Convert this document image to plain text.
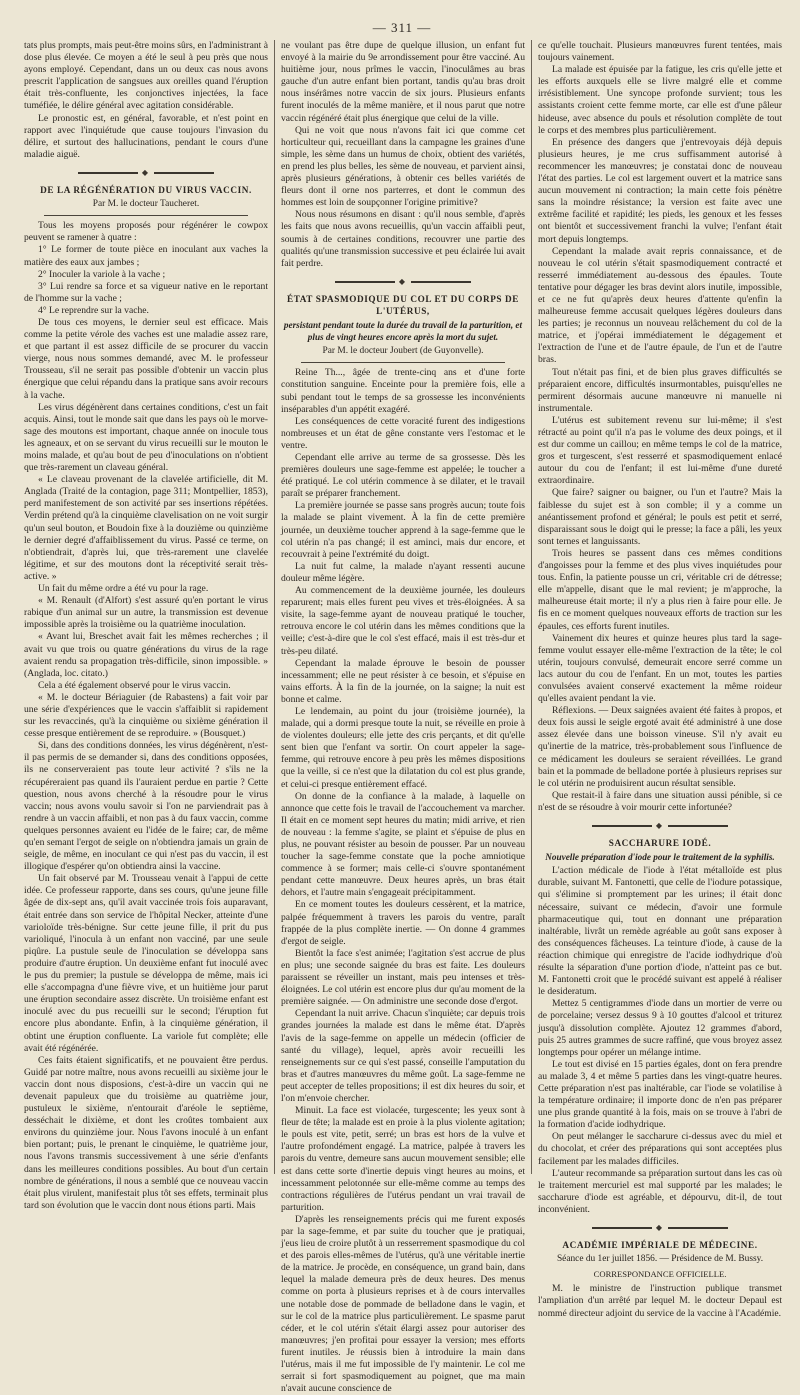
— 311 —

tats plus prompts, mais peut-être moins sûrs, en l'administrant à dose plus élevée. Ce moyen a été le seul à peu près que nous ayons employé. Cependant, dans un ou deux cas nous avons prescrit l'application de sangsues aux oreilles quand l'éruption était très-confluente, les conjonctives injectées, la face tuméfiée, le délire général avec agitation considérable.

Le pronostic est, en général, favorable, et n'est point en rapport avec l'inquiétude que cause toujours l'invasion du délire, et surtout des hallucinations, pendant le cours d'une maladie aiguë.

◆
DE LA RÉGÉNÉRATION DU VIRUS VACCIN.
Par M. le docteur Taucheret.

Tous les moyens proposés pour régénérer le cowpox peuvent se ramener à quatre :

1° Le former de toute pièce en inoculant aux vaches la matière des eaux aux jambes ;

2° Inoculer la variole à la vache ;

3° Lui rendre sa force et sa vigueur native en le reportant de l'homme sur la vache ;

4° Le reprendre sur la vache.

De tous ces moyens, le dernier seul est efficace. Mais comme la petite vérole des vaches est une maladie assez rare, et que partant il est assez difficile de se procurer du vaccin vierge, nous nous sommes demandé, avec M. le professeur Trousseau, s'il ne serait pas possible d'obtenir un vaccin plus énergique que celui répandu dans la pratique sans avoir recours à la vache.

Les virus dégénèrent dans certaines conditions, c'est un fait acquis. Ainsi, tout le monde sait que dans les pays où le morve-sage des moutons est important, chaque année on inocule tous les agneaux, et on se servant du virus recueilli sur le mouton le moins malade, et qu'au bout de peu d'inoculations on n'obtient que très-rarement un claveau général.

« Le claveau provenant de la clavelée artificielle, dit M. Anglada (Traité de la contagion, page 311; Montpellier, 1853), perd manifestement de son activité par ses insertions répétées. Verdin prétend qu'à la cinquième clavelisation on ne voit surgir qu'un seul bouton, et Boudoin fixe à la douzième ou quinzième le dernier degré d'affaiblissement du virus. Passé ce terme, on n'obtiendrait, d'après lui, que très-rarement une clavelée légitime, et sur des moutons dont la réceptivité serait très-active. »

Un fait du même ordre a été vu pour la rage.

« M. Renault (d'Alfort) s'est assuré qu'en portant le virus rabique d'un animal sur un autre, la transmission est devenue impossible après la troisième ou la quatrième inoculation.

« Avant lui, Breschet avait fait les mêmes recherches ; il avait vu que trois ou quatre générations du virus de la rage avaient rendu sa propagation très-difficile, sinon impossible. » (Anglada, loc. citato.)

Cela a été également observé pour le virus vaccin.

« M. le docteur Bériaguier (de Rabastens) a fait voir par une série d'expériences que le vaccin s'affaiblit si rapidement sur les revaccinés, qu'à la cinquième ou sixième génération il cesse presque entièrement de se reproduire. » (Bousquet.)

Si, dans des conditions données, les virus dégénèrent, n'est-il pas permis de se demander si, dans des conditions opposées, ils ne conserveraient pas toute leur activité ? s'ils ne la récupéreraient pas quand ils l'auraient perdue en partie ? Cette question, nous avons cherché à la résoudre pour le virus vaccin; nous avons voulu savoir si l'on ne parviendrait pas à rendre à un vaccin affaibli, et non pas à du faux vaccin, comme quelques personnes avaient eu l'idée de le faire; car, de même qu'en semant l'ergot de seigle on n'obtiendra jamais un grain de seigle, de même, en inoculant ce qui n'est pas du vaccin, il est illogique d'espérer qu'on obtiendra ainsi la vaccine.

Un fait observé par M. Trousseau venait à l'appui de cette idée. Ce professeur rapporte, dans ses cours, qu'une jeune fille âgée de dix-sept ans, qu'il avait vaccinée trois fois auparavant, était entrée dans son service de l'hôpital Necker, atteinte d'une varioloïde très-bénigne. Sur cette jeune fille, il prit du pus varioliqué, l'inocula à un enfant non vacciné, par une seule piqûre. La pustule seule de l'inoculation se développa sans produire d'autre éruption. Un deuxième enfant fut inoculé avec le pus du premier; la pustule se développa de même, mais ici elle s'accompagna d'une fièvre vive, et un huitième jour parut une éruption secondaire assez discrète. Un troisième enfant est inoculé avec du pus recueilli sur le second; l'éruption fut encore plus abondante. Enfin, à la cinquième génération, il obtint une éruption confluente. La variole fut complète; elle avait été régénérée.

Ces faits étaient significatifs, et ne pouvaient être perdus. Guidé par notre maître, nous avons recueilli au sixième jour le vaccin dont nous disposions, c'est-à-dire un vaccin qui ne devenait papuleux que du troisième au quatrième jour, pustuleux le sixième, n'entourait d'aréole le septième, desséchait le dixième, et dont les croûtes tombaient aux environs du quinzième jour. Nous l'avons inoculé à un enfant bien portant; puis, le prenant le cinquième, le quatrième jour, nous l'avons transmis successivement à une série d'enfants dans les meilleures conditions possibles. Au bout d'un certain nombre de générations, il nous a semblé que ce nouveau vaccin était plus virulent, manifestait plus tôt ses effets, terminait plus tard son évolution que le vaccin dont nous étions parti. Mais

ne voulant pas être dupe de quelque illusion, un enfant fut envoyé à la mairie du 9e arrondissement pour être vacciné. Au huitième jour, nous prîmes le vaccin, l'inoculâmes au bras gauche d'un autre enfant bien portant, tandis qu'au bras droit nous insérâmes notre vaccin de six jours. Plusieurs enfants furent inoculés de la même manière, et il nous parut que notre vaccin régénéré était plus énergique que celui de la ville.

Qui ne voit que nous n'avons fait ici que comme cet horticulteur qui, recueillant dans la campagne les graines d'une simple, les sème dans un humus de choix, obtient des variétés, en prend les plus belles, les sème de nouveau, et parvient ainsi, après plusieurs générations, à obtenir ces belles variétés de fleurs dont il orne nos parterres, et dont le commun des hommes est loin de soupçonner l'origine primitive?

Nous nous résumons en disant : qu'il nous semble, d'après les faits que nous avons recueillis, qu'un vaccin affaibli peut, soumis à de certaines conditions, recouvrer une partie des qualités qu'une transmission successive et peu éclairée lui avait fait perdre.

◆
ÉTAT SPASMODIQUE DU COL ET DU CORPS DE L'UTÉRUS,
persistant pendant toute la durée du travail de la parturition, et plus de vingt heures encore après la mort du sujet.
Par M. le docteur Joubert (de Guyonvelle).

Reine Th..., âgée de trente-cinq ans et d'une forte constitution sanguine. Enceinte pour la première fois, elle a subi pendant tout le temps de sa grossesse les inconvénients inséparables d'un appétit exagéré.

Les conséquences de cette voracité furent des indigestions nombreuses et un état de gêne constante vers l'estomac et le ventre.

Cependant elle arrive au terme de sa grossesse. Dès les premières douleurs une sage-femme est appelée; le toucher a été pratiqué. Le col utérin commence à se dilater, et le travail paraît se préparer franchement.

La première journée se passe sans progrès aucun; toute fois la malade se plaint vivement. À la fin de cette première journée, un deuxième toucher apprend à la sage-femme que le col utérin n'a pas changé; il est aminci, mais dur encore, et recouvrait à peine l'extrémité du doigt.

La nuit fut calme, la malade n'ayant ressenti aucune douleur même légère.

Au commencement de la deuxième journée, les douleurs reparurent; mais elles furent peu vives et très-éloignées. À sa visite, la sage-femme ayant de nouveau pratiqué le toucher, retrouva encore le col utérin dans les mêmes conditions que la veille; c'est-à-dire que le col s'est effacé, mais il est très-dur et très-peu dilaté.

Cependant la malade éprouve le besoin de pousser incessamment; elle ne peut résister à ce besoin, et s'épuise en vains efforts. À la fin de la journée, on la saigne; la nuit est bonne et calme.

Le lendemain, au point du jour (troisième journée), la malade, qui a dormi presque toute la nuit, se réveille en proie à de violentes douleurs; elle jette des cris perçants, et dit qu'elle sent bien que l'enfant va sortir. On court appeler la sage-femme, qui retrouve encore à peu près les mêmes dispositions que la veille, si ce n'est que la dilatation du col est plus grande, et celui-ci presque entièrement effacé.

On donne de la confiance à la malade, à laquelle on annonce que cette fois le travail de l'accouchement va marcher. Il était en ce moment sept heures du matin; midi arrive, et rien de nouveau : la femme s'agite, se plaint et s'épuise de plus en plus, ne pouvant résister au besoin de pousser. Par un nouveau toucher la sage-femme constate que la poche amniotique commence à se former; mais celle-ci s'ouvre spontanément pendant cette manœuvre. Deux heures après, un bras était dehors, et l'autre main s'engageait précipitamment.

En ce moment toutes les douleurs cessèrent, et la matrice, palpée fréquemment à travers les parois du ventre, paraît frappée de la plus complète inertie. — On donne 4 grammes d'ergot de seigle.

Bientôt la face s'est animée; l'agitation s'est accrue de plus en plus; une seconde saignée du bras est faite. Les douleurs paraissent se réveiller un instant, mais peu intenses et très-éloignées. Le col utérin est encore plus dur qu'au moment de la première saignée. — On administre une seconde dose d'ergot.

Cependant la nuit arrive. Chacun s'inquiète; car depuis trois grandes journées la malade est dans le même état. D'après l'avis de la sage-femme on appelle un médecin (officier de santé du village), lequel, après avoir recueilli les renseignements sur ce qui s'est passé, conseille l'amputation du bras et d'autres manœuvres du même goût. La sage-femme ne peut accepter de telles propositions; il est dix heures du soir, et l'on m'envoie chercher.

Minuit. La face est violacée, turgescente; les yeux sont à fleur de tête; la malade est en proie à la plus violente agitation; le pouls est vite, petit, serré; un bras est hors de la vulve et l'autre profondément engagé. La matrice, palpée à travers les parois du ventre, demeure sans aucun mouvement sensible; elle est dans cette sorte d'inertie depuis vingt heures au moins, et incessamment pelotonnée sur elle-même comme au temps des contractions régulières de l'utérus pendant un vrai travail de parturition.

D'après les renseignements précis qui me furent exposés par la sage-femme, et par suite du toucher que je pratiquai, j'eus lieu de croire plutôt à un resserrement spasmodique du col et des parois elles-mêmes de l'utérus, qu'à une véritable inertie de la matrice. Je procède, en conséquence, un grand bain, dans lequel la malade demeura près de deux heures. Des menus comme on porta à plusieurs reprises et à de cours intervalles une notable dose de pommade de belladone dans le vagin, et sur le col de la matrice plus particulièrement. Le spasme parut céder, et le col utérin s'était élargi assez pour autoriser des manœuvres; j'en profitai pour essayer la version; mes efforts furent inutiles. Je réussis bien à introduire la main dans l'utérus, mais il me fut impossible de l'y maintenir. Le col me serrait si fort spasmodiquement au poignet, que ma main n'avait aucune conscience de

ce qu'elle touchait. Plusieurs manœuvres furent tentées, mais toujours vainement.

La malade est épuisée par la fatigue, les cris qu'elle jette et les efforts auxquels elle se livre malgré elle et comme irrésistiblement. Une syncope profonde survient; tous les assistants croient cette femme morte, car elle est d'une pâleur hideuse, avec absence du pouls et résolution complète de tout le corps et des membres plus particulièrement.

En présence des dangers que j'entrevoyais déjà depuis plusieurs heures, je me crus suffisamment autorisé à recommencer les manœuvres; je constatai donc de nouveau l'état des parties. Le col est largement ouvert et la matrice sans aucun mouvement ni contraction; la main cette fois pénètre sans la moindre résistance; la version est faite avec une extrême facilité et rapidité; les pieds, les genoux et les fesses ont bientôt et successivement franchi la vulve; l'enfant était mort depuis longtemps.

Cependant la malade avait repris connaissance, et de nouveau le col utérin s'était spasmodiquement contracté et resserré immédiatement au-dessous des épaules. Toute tentative pour dégager les bras devint alors inutile, impossible, et ce ne fut qu'après deux heures d'attente qu'enfin la malheureuse femme accusait quelques légères douleurs dans les parties; je reconnus un nouveau relâchement du col de la matrice, et j'opérai immédiatement le dégagement et l'extraction de l'une et de l'autre épaule, de l'un et de l'autre bras.

Tout n'était pas fini, et de bien plus graves difficultés se préparaient encore, difficultés insurmontables, puisqu'elles ne permirent désormais aucune manœuvre ni manuelle ni instrumentale.

L'utérus est subitement revenu sur lui-même; il s'est rétracté au point qu'il n'a pas le volume des deux poings, et il est dur comme un caillou; en même temps le col de la matrice, gros et turgescent, s'est resserré et spasmodiquement enlacé autour du cou de l'enfant; il est lui-même d'une dureté extraordinaire.

Que faire? saigner ou baigner, ou l'un et l'autre? Mais la faiblesse du sujet est à son comble; il y a comme un anéantissement profond et général; le pouls est petit et serré, disparaissant sous le doigt qui le presse; la face a pâli, les yeux sont ternes et languissants.

Trois heures se passent dans ces mêmes conditions d'angoisses pour la femme et des plus vives inquiétudes pour tous. Enfin, la patiente pousse un cri, véritable cri de détresse; elle m'appelle, disant que le mal revient; je m'approche, la malheureuse était morte; il n'y a plus rien à faire pour elle. Je fis en ce moment quelques nouveaux efforts de traction sur les épaules, ces efforts furent inutiles.

Vainement dix heures et quinze heures plus tard la sage-femme voulut essayer elle-même l'extraction de la tête; le col utérin, toujours convulsé, demeurait encore serré comme un lacs autour du cou de l'enfant. En un mot, toutes les parties convulsées avaient conservé exactement la même roideur qu'elles avaient pendant la vie.

Réflexions. — Deux saignées avaient été faites à propos, et deux fois aussi le seigle ergoté avait été administré à une dose assez élevée dans une boisson vineuse. S'il n'y avait eu qu'inertie de la matrice, très-probablement sous l'influence de ce médicament les douleurs se seraient réveillées. Le grand bain et la pommade de belladone portée à plusieurs reprises sur le col utérin ne produisirent aucun résultat sensible.

Que restait-il à faire dans une situation aussi pénible, si ce n'est de se résoudre à voir mourir cette infortunée?

◆
SACCHARURE IODÉ.
Nouvelle préparation d'iode pour le traitement de la syphilis.

L'action médicale de l'iode à l'état métalloïde est plus durable, suivant M. Fantonetti, que celle de l'iodure potassique, qui s'élimine si promptement par les urines; il était donc nécessaire, suivant ce médecin, d'avoir une formule pharmaceutique qui, tout en donnant une préparation inaltérable, livrât un remède agréable au goût sans exposer à des conséquences fâcheuses. La teinture d'iode, à cause de la réaction chimique qui enregistre de l'acide iodhydrique d'où résulte la séparation d'une portion d'iode, n'atteint pas ce but. M. Fantonetti croit que le procédé suivant est appelé à réaliser le desideratum.

Mettez 5 centigrammes d'iode dans un mortier de verre ou de porcelaine; versez dessus 9 à 10 gouttes d'alcool et triturez jusqu'à dissolution complète. Ajoutez 12 grammes d'abord, puis 25 autres grammes de sucre raffiné, que vous broyez assez longtemps pour opérer un mélange intime.

Le tout est divisé en 15 parties égales, dont on fera prendre au malade 3, 4 et même 5 parties dans les vingt-quatre heures. Cette préparation n'est pas inaltérable, car l'iode se volatilise à la température ordinaire; il importe donc de n'en pas préparer une plus grande quantité à la fois, mais on se trouve à l'abri de la formation d'acide iodhydrique.

On peut mélanger le saccharure ci-dessus avec du miel et du chocolat, et créer des préparations qui sont acceptées plus facilement par les malades difficiles.

L'auteur recommande sa préparation surtout dans les cas où le traitement mercuriel est mal supporté par les malades; le saccharure d'iode est agréable, et dépourvu, dit-il, de tout inconvénient.

◆
ACADÉMIE IMPÉRIALE DE MÉDECINE.
Séance du 1er juillet 1856. — Présidence de M. Bussy.
CORRESPONDANCE OFFICIELLE.

M. le ministre de l'instruction publique transmet l'ampliation d'un arrêté par lequel M. le docteur Depaul est nommé directeur adjoint du service de la vaccine à l'Académie.
